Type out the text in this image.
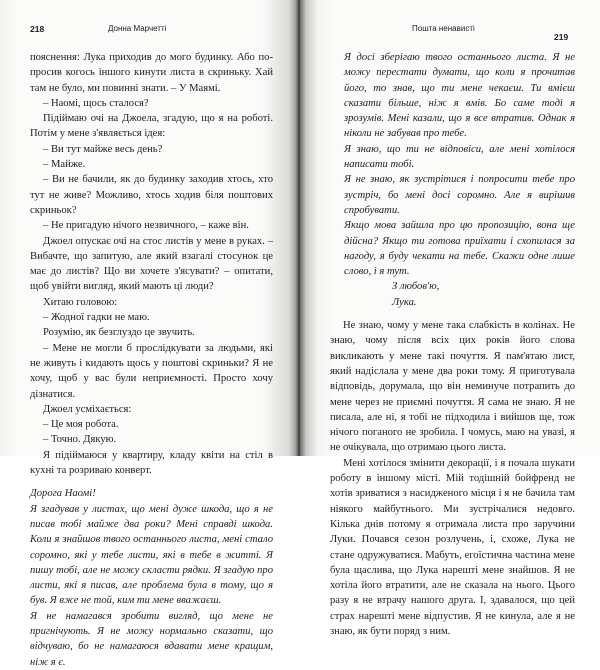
218	Донна Марчетті

пояснення: Лука приходив до мого будинку. Або попросив когось іншого кинути листа в скриньку. Хай там не було, ми повинні знати. – У Маямі.

– Наомі, щось сталося?

Підіймаю очі на Джоела, згадую, що я на роботі. Потім у мене з'являється ідея:

– Ви тут майже весь день?

– Майже.

– Ви не бачили, як до будинку заходив хтось, хто тут не живе? Можливо, хтось ходив біля поштових скриньок?

– Не пригадую нічого незвичного, – каже він.

Джоел опускає очі на стос листів у мене в руках. – Вибачте, що запитую, але який взагалі стосунок це має до листів? Що ви хочете з'ясувати? – опитати, щоб увійти вигляд, який мають ці люди?

Хитаю головою:

– Жодної гадки не маю.

Розумію, як безглуздо це звучить.

– Мене не могли б прослідкувати за людьми, які не живуть і кидають щось у поштові скриньки? Я не хочу, щоб у вас були неприємності. Просто хочу дізнатися.

Джоел усміхається:

– Це моя робота.

– Точно. Дякую.

Я підіймаюся у квартиру, кладу квіти на стіл в кухні та розриваю конверт.

Дорога Наомі!

Я згадував у листах, що мені дуже шкода, що я не писав тобі майже два роки? Мені справді шкода. Коли я знайшов твого останнього листа, мені стало соромно, які у тебе листи, які в тебе в житті. Я пишу тобі, але не можу скласти рядки. Я згадую про листи, які я писав, але проблема була в тому, що я був. Я вже не той, ким ти мене вважаєш.

Я не намагався зробити вигляд, що мене не пригнічують. Я не можу нормально сказати, що відчуваю, бо не намагаюся вдавати мене кращим, ніж я є.

Пошта ненависті
219

Я досі зберігаю твого останнього листа. Я не можу перестати думати, що коли я прочитав його, то знав, що ти мене чекаєш. Ти вмієш сказати більше, ніж я вмів. Бо саме тоді я зрозумів. Мені казали, що я все втратив. Однак я ніколи не забував про тебе.

Я знаю, що ти не відповіси, але мені хотілося написати тобі.

Я не знаю, як зустрітися і попросити тебе про зустріч, бо мені досі соромно. Але я вирішив спробувати.

Якщо мова зайшла про цю пропозицію, вона ще дійсна? Якщо ти готова приїхати і схопилася за нагоду, я буду чекати на тебе. Скажи одне лише слово, і я тут.

З любов'ю,

Лука.

Не знаю, чому у мене така слабкість в колінах. Не знаю, чому після всіх цих років його слова викликають у мене такі почуття. Я пам'ятаю лист, який надіслала у мене два роки тому. Я приготувала відповідь, дорумала, що він неминуче потрапить до мене через не приємні почуття. Я сама не знаю. Я не писала, але ні, я тобі не підходила і вийшов ще, тож нічого поганого не зробила. І чомусь, маю на увазі, я не очікувала, що отримаю цього листа.

Мені хотілося змінити декорації, і я почала шукати роботу в іншому місті. Мій тодішній бойфренд не хотів зриватися з насидженого місця і я не бачила там ніякого майбутнього. Ми зустрічалися недовго. Кілька днів потому я отримала листа про заручини Луки. Почався сезон розлучень, і, схоже, Лука не стане одружуватися. Мабуть, егоїстична частина мене була щаслива, що Лука нарешті мене знайшов. Я не хотіла його втратити, але не сказала на нього. Цього разу я не втрачу нашого друга. І, здавалося, що цей страх нарешті мене відпустив. Я не кинула, але я не знаю, як бути поряд з ним.
